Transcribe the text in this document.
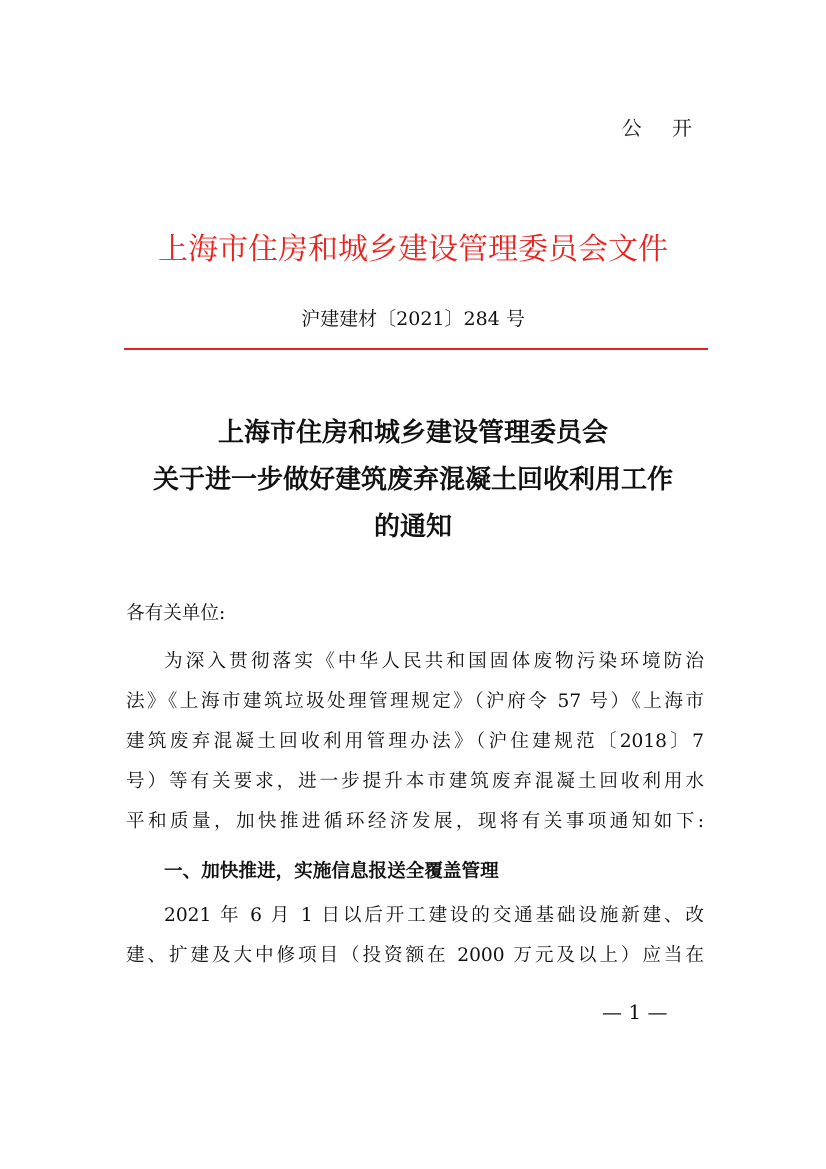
公 开
上海市住房和城乡建设管理委员会文件
沪建建材〔2021〕284 号
上海市住房和城乡建设管理委员会
关于进一步做好建筑废弃混凝土回收利用工作
的通知
各有关单位:
为深入贯彻落实《中华人民共和国固体废物污染环境防治
法》《上海市建筑垃圾处理管理规定》（沪府令 57 号）《上海市
建筑废弃混凝土回收利用管理办法》（沪住建规范〔2018〕7
号）等有关要求，进一步提升本市建筑废弃混凝土回收利用水
平和质量，加快推进循环经济发展，现将有关事项通知如下:
一、加快推进，实施信息报送全覆盖管理
2021 年 6 月 1 日以后开工建设的交通基础设施新建、改
建、扩建及大中修项目（投资额在 2000 万元及以上）应当在
— 1 —
